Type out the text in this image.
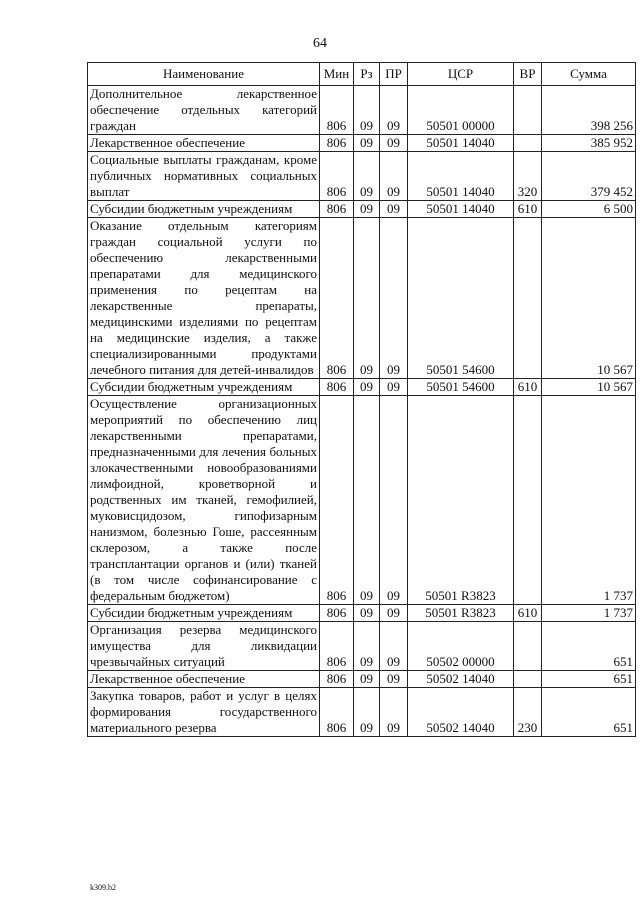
64
Наименование	Мин	Рз	ПР	ЦСР	ВР	Сумма
Дополнительное лекарственное обеспечение отдельных категорий граждан	806	09	09	50501 00000		398 256
Лекарственное обеспечение	806	09	09	50501 14040		385 952
Социальные выплаты гражданам, кроме публичных нормативных социальных выплат	806	09	09	50501 14040	320	379 452
Субсидии бюджетным учреждениям	806	09	09	50501 14040	610	6 500
Оказание отдельным категориям граждан социальной услуги по обеспечению лекарственными препаратами для медицинского применения по рецептам на лекарственные препараты, медицинскими изделиями по рецептам на медицинские изделия, а также специализированными продуктами лечебного питания для детей-инвалидов	806	09	09	50501 54600		10 567
Субсидии бюджетным учреждениям	806	09	09	50501 54600	610	10 567
Осуществление организационных мероприятий по обеспечению лиц лекарственными препаратами, предназначенными для лечения больных злокачественными новообразованиями лимфоидной, кроветворной и родственных им тканей, гемофилией, муковисцидозом, гипофизарным нанизмом, болезнью Гоше, рассеянным склерозом, а также после трансплантации органов и (или) тканей (в том числе софинансирование с федеральным бюджетом)	806	09	09	50501 R3823		1 737
Субсидии бюджетным учреждениям	806	09	09	50501 R3823	610	1 737
Организация резерва медицинского имущества для ликвидации чрезвычайных ситуаций	806	09	09	50502 00000		651
Лекарственное обеспечение	806	09	09	50502 14040		651
Закупка товаров, работ и услуг в целях формирования государственного материального резерва	806	09	09	50502 14040	230	651
k309.b2
